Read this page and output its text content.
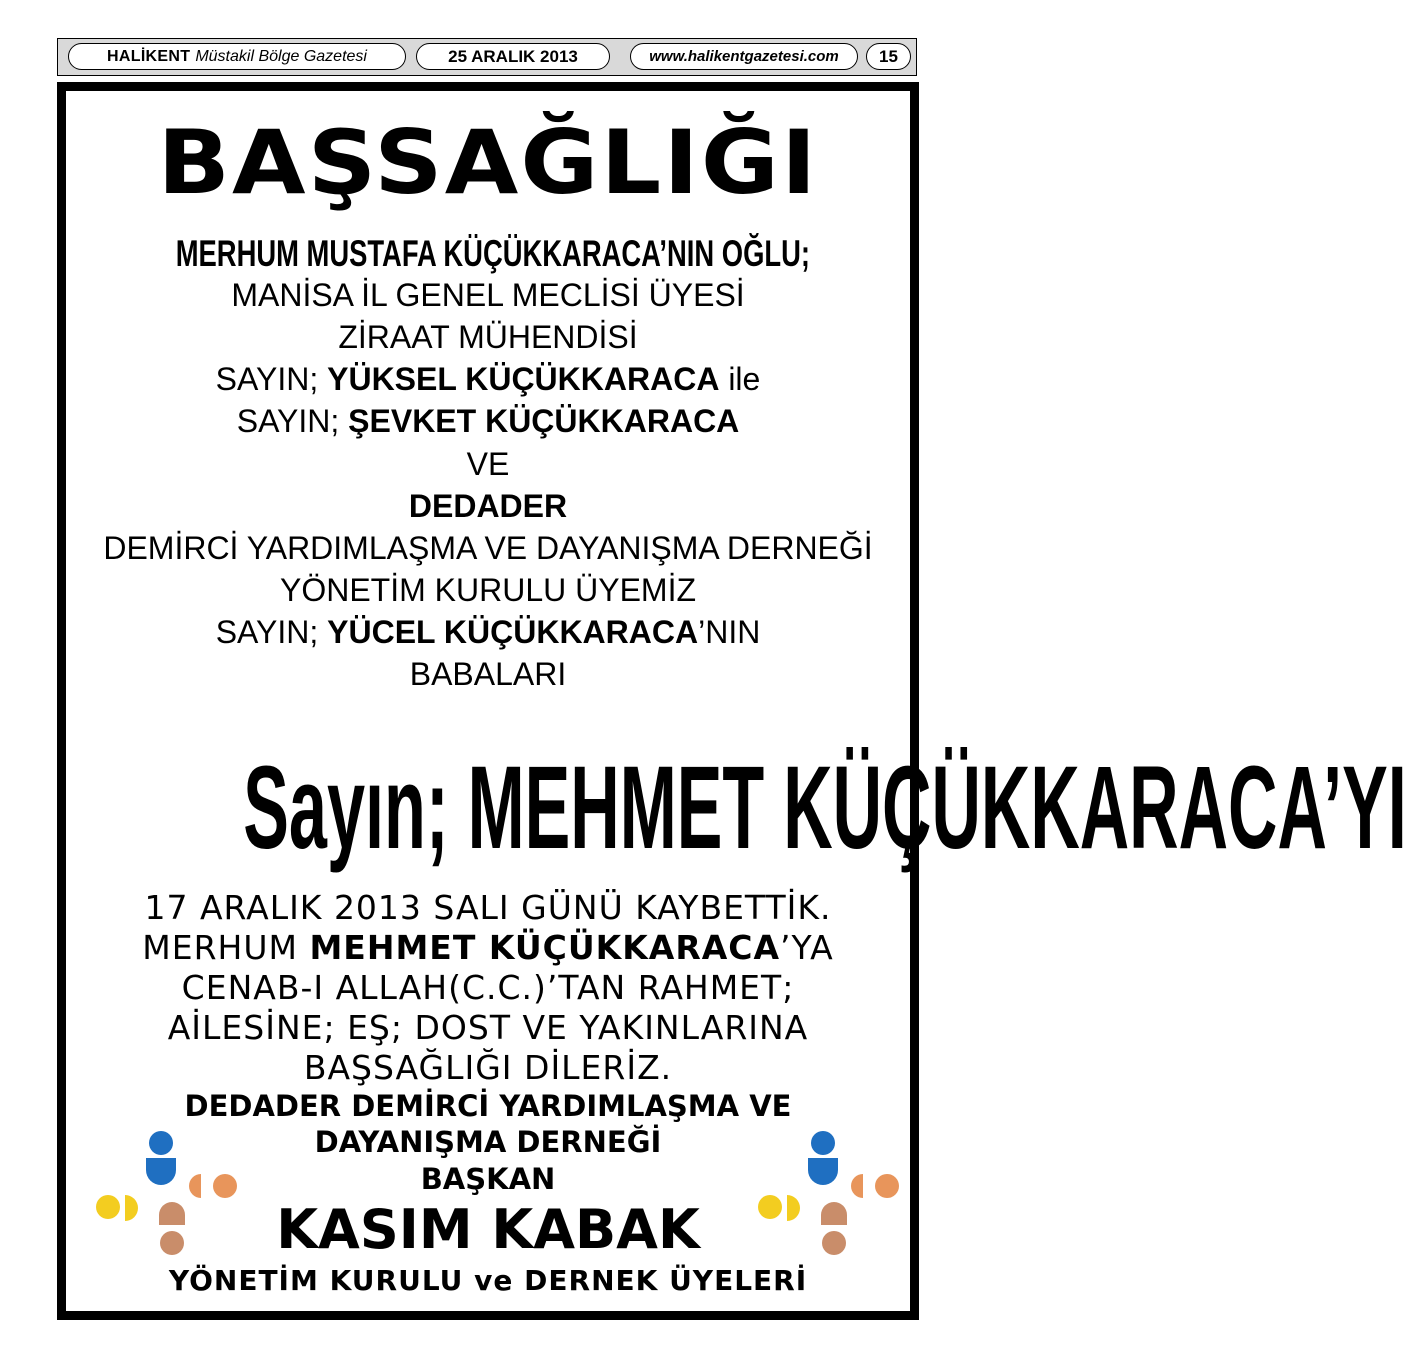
HALİKENT Müstakil Bölge Gazetesi	25 ARALIK 2013	www.halikentgazetesi.com	15
BAŞSAĞLIĞI
MERHUM MUSTAFA KÜÇÜKKARACA’NIN OĞLU;
MANİSA İL GENEL MECLİSİ ÜYESİ
ZİRAAT MÜHENDİSİ
SAYIN; YÜKSEL KÜÇÜKKARACA ile
SAYIN; ŞEVKET KÜÇÜKKARACA
VE
DEDADER
DEMİRCİ YARDIMLAŞMA VE DAYANIŞMA DERNEĞİ
YÖNETİM KURULU ÜYEMİZ
SAYIN; YÜCEL KÜÇÜKKARACA’NIN
BABALARI
Sayın; MEHMET KÜÇÜKKARACA’YI
17 ARALIK 2013 SALI GÜNÜ KAYBETTİK.
MERHUM MEHMET KÜÇÜKKARACA’YA
CENAB-I ALLAH(C.C.)’TAN RAHMET;
AİLESİNE; EŞ; DOST VE YAKINLARINA
BAŞSAĞLIĞI DİLERİZ.
DEDADER DEMİRCİ YARDIMLAŞMA VE
DAYANIŞMA DERNEĞİ
BAŞKAN
KASIM KABAK
YÖNETİM KURULU ve DERNEK ÜYELERİ
